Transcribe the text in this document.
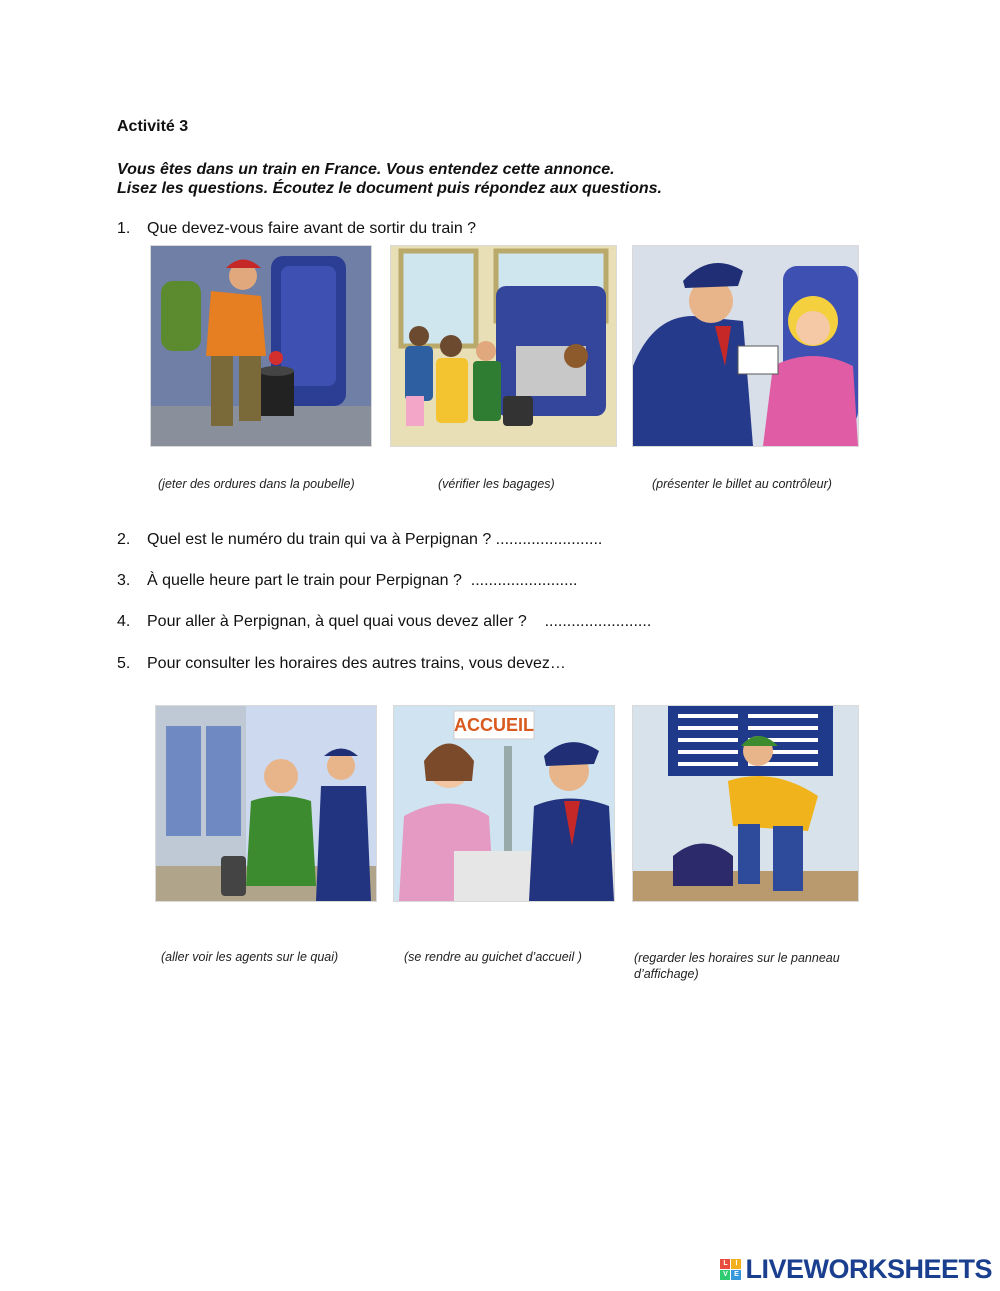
Activité 3
Vous êtes dans un train en France. Vous entendez cette annonce.
Lisez les questions. Écoutez le document puis répondez aux questions.
1. Que devez-vous faire avant de sortir du train ?
(jeter des ordures dans la poubelle)	(vérifier les bagages)	(présenter le billet au contrôleur)
2. Quel est le numéro du train qui va à Perpignan ? ........................
3. À quelle heure part le train pour Perpignan ? ........................
4. Pour aller à Perpignan, à quel quai vous devez aller ? ........................
5. Pour consulter les horaires des autres trains, vous devez…
ACCUEIL
(aller voir les agents sur le quai)	(se rendre au guichet d’accueil )	(regarder les horaires sur le panneau
d’affichage)
L	I
V E LIVEWORKSHEETS
